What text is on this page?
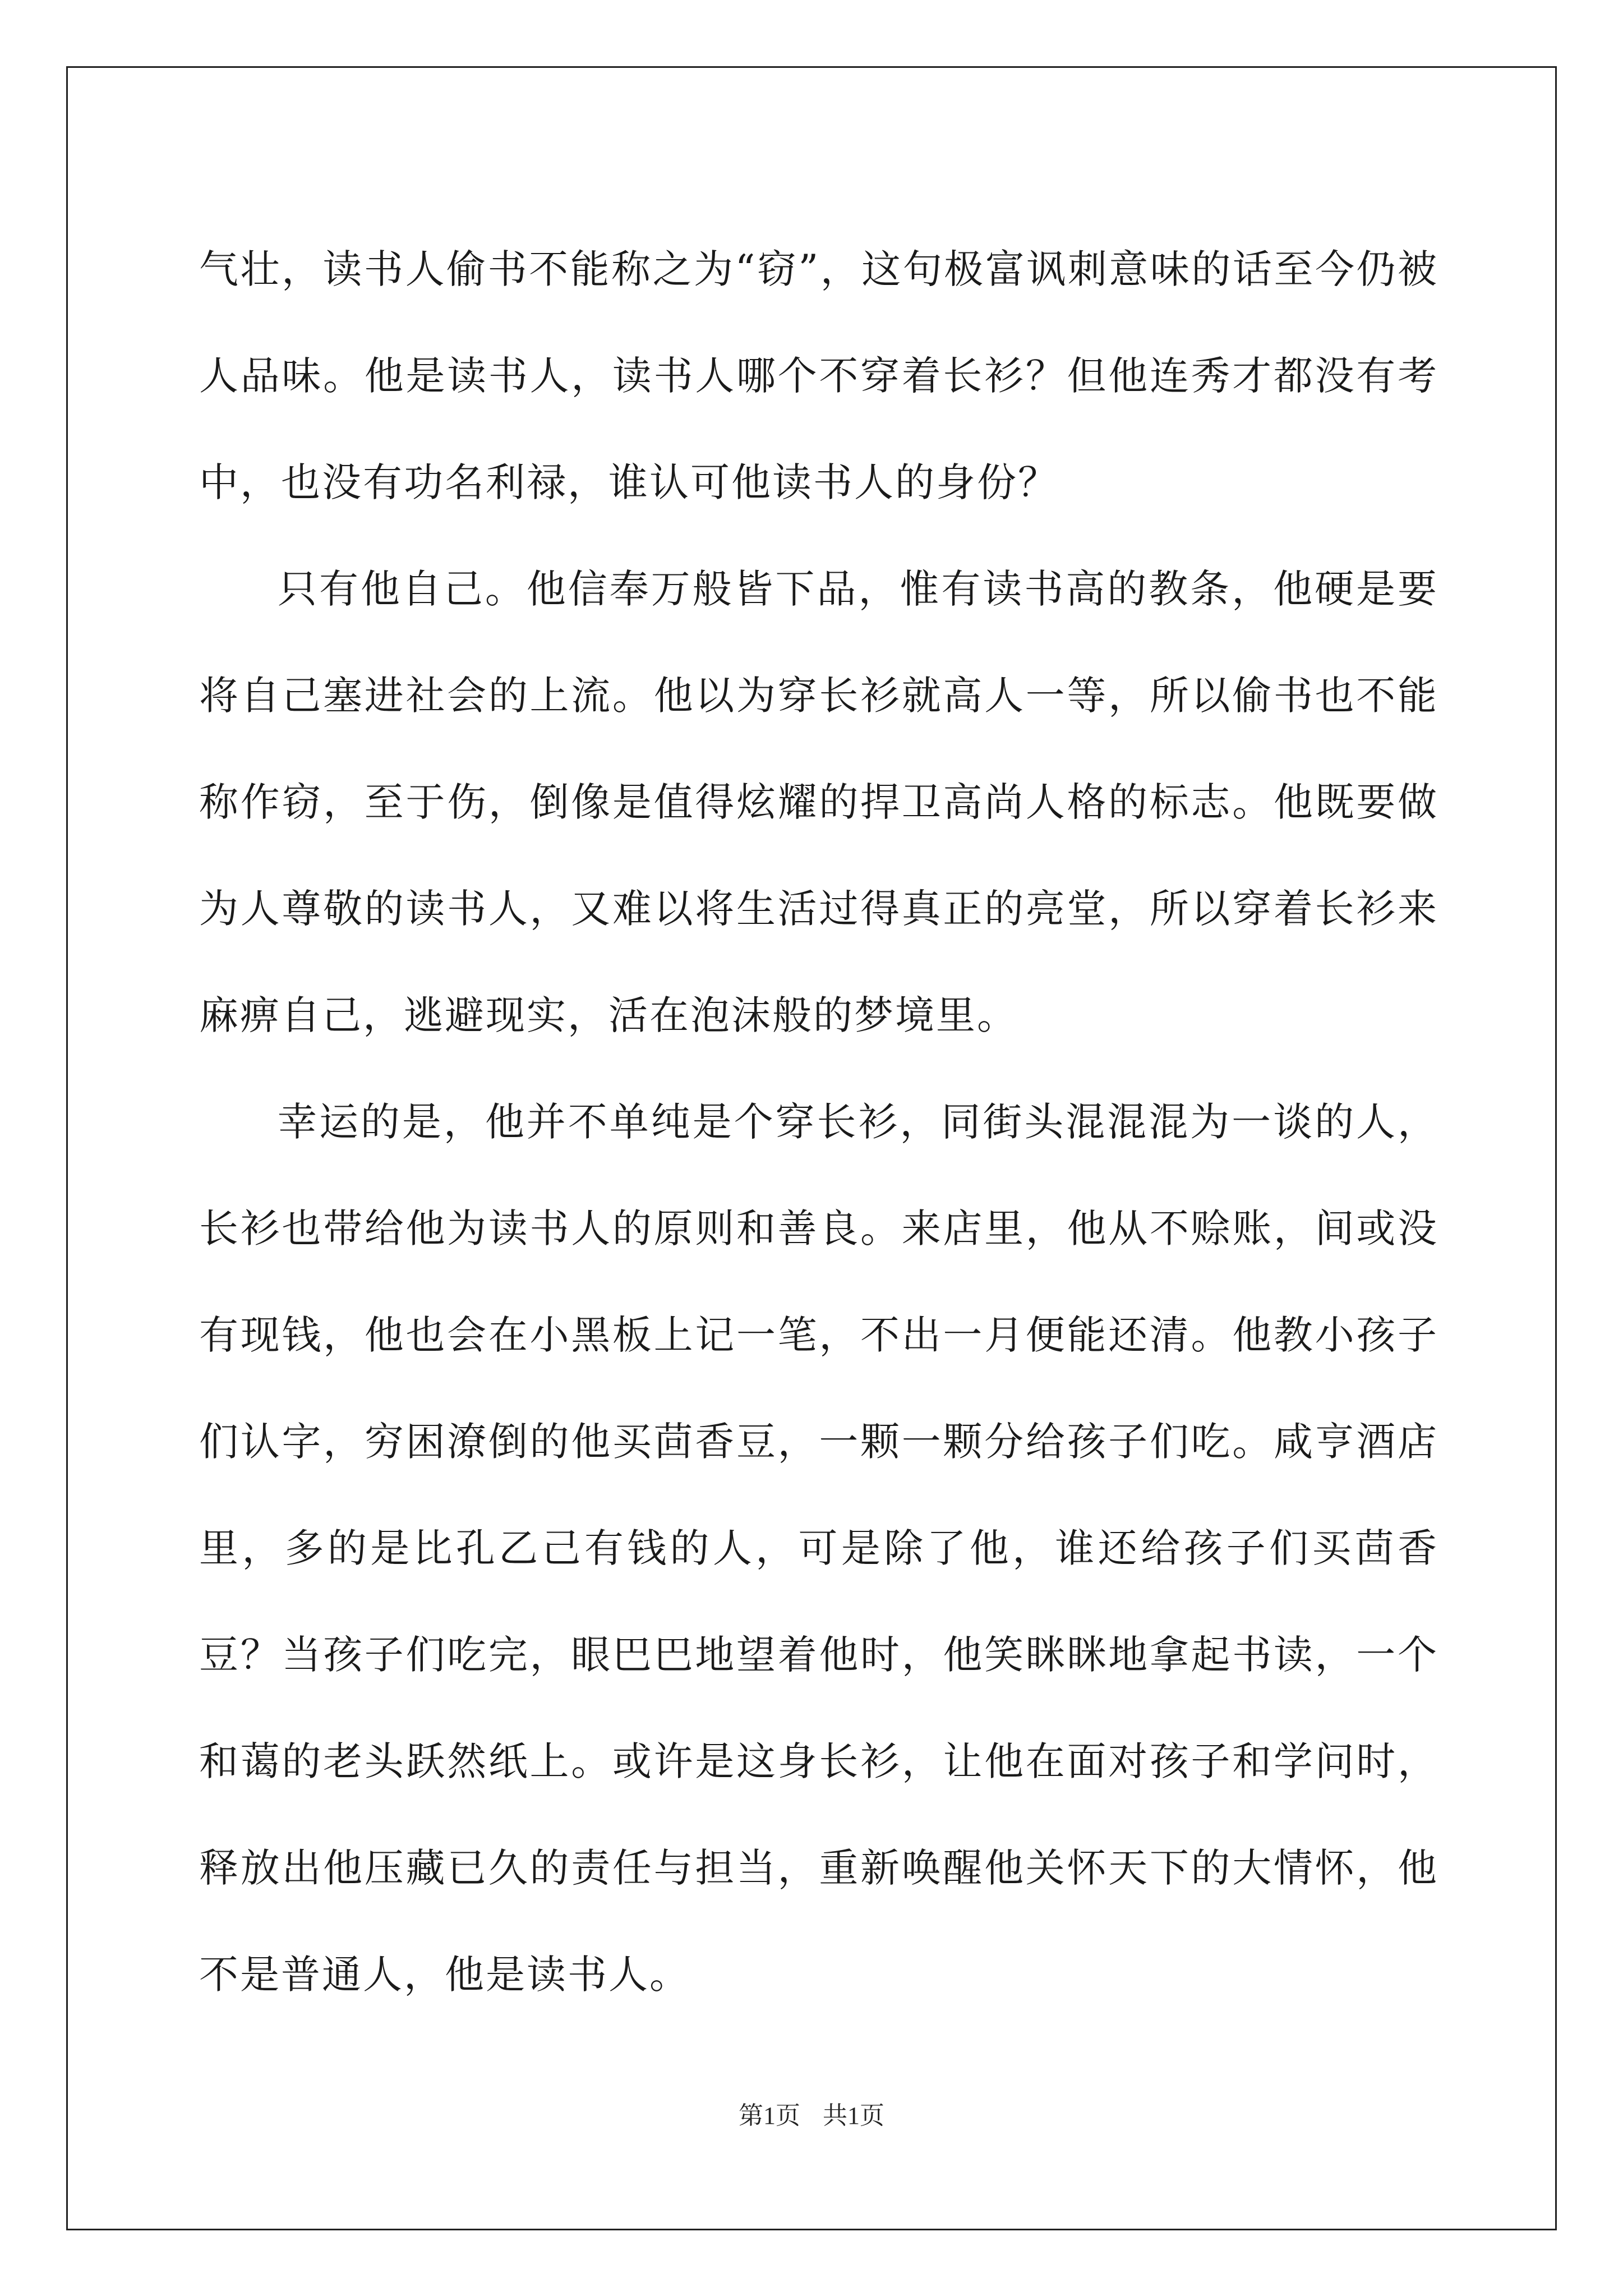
气壮，读书人偷书不能称之为“窃”，这句极富讽刺意味的话至今仍被人品味。他是读书人，读书人哪个不穿着长衫？但他连秀才都没有考中，也没有功名利禄，谁认可他读书人的身份？

只有他自己。他信奉万般皆下品，惟有读书高的教条，他硬是要将自己塞进社会的上流。他以为穿长衫就高人一等，所以偷书也不能称作窃，至于伤，倒像是值得炫耀的捍卫高尚人格的标志。他既要做为人尊敬的读书人，又难以将生活过得真正的亮堂，所以穿着长衫来麻痹自己，逃避现实，活在泡沫般的梦境里。

幸运的是，他并不单纯是个穿长衫，同街头混混混为一谈的人，长衫也带给他为读书人的原则和善良。来店里，他从不赊账，间或没有现钱，他也会在小黑板上记一笔，不出一月便能还清。他教小孩子们认字，穷困潦倒的他买茴香豆，一颗一颗分给孩子们吃。咸亨酒店里，多的是比孔乙己有钱的人，可是除了他，谁还给孩子们买茴香豆？当孩子们吃完，眼巴巴地望着他时，他笑眯眯地拿起书读，一个和蔼的老头跃然纸上。或许是这身长衫，让他在面对孩子和学问时，释放出他压藏已久的责任与担当，重新唤醒他关怀天下的大情怀，他不是普通人，他是读书人。

第1页 共1页
